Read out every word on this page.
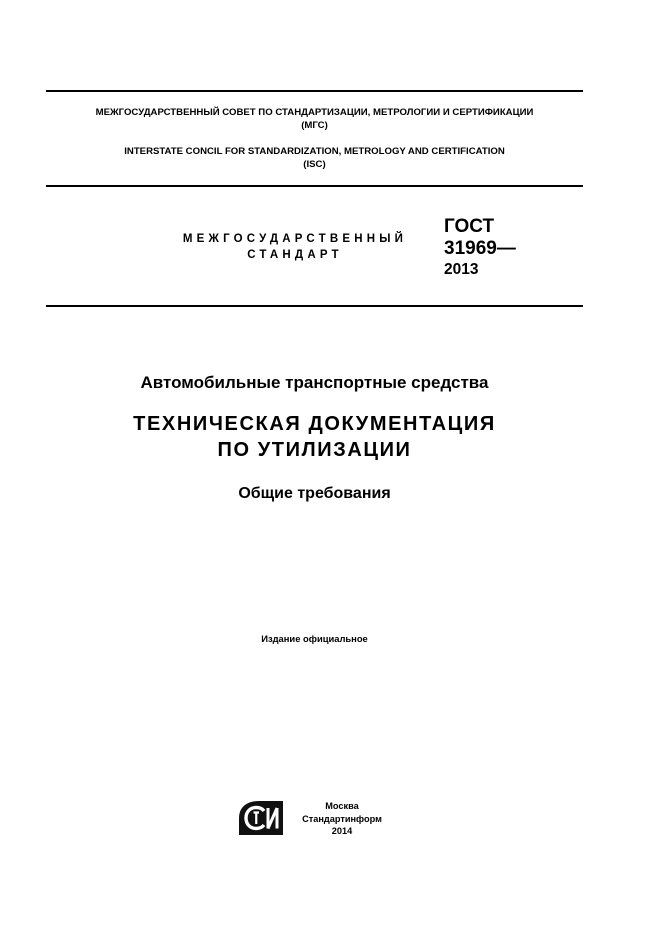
МЕЖГОСУДАРСТВЕННЫЙ СОВЕТ ПО СТАНДАРТИЗАЦИИ, МЕТРОЛОГИИ И СЕРТИФИКАЦИИ
(МГС)
INTERSTATE CONCIL FOR STANDARDIZATION, METROLOGY AND CERTIFICATION
(ISC)
МЕЖГОСУДАРСТВЕННЫЙ
СТАНДАРТ
ГОСТ
31969—
2013
Автомобильные транспортные средства
ТЕХНИЧЕСКАЯ ДОКУМЕНТАЦИЯ
ПО УТИЛИЗАЦИИ
Общие требования
Издание официальное
Москва
Стандартинформ
2014
